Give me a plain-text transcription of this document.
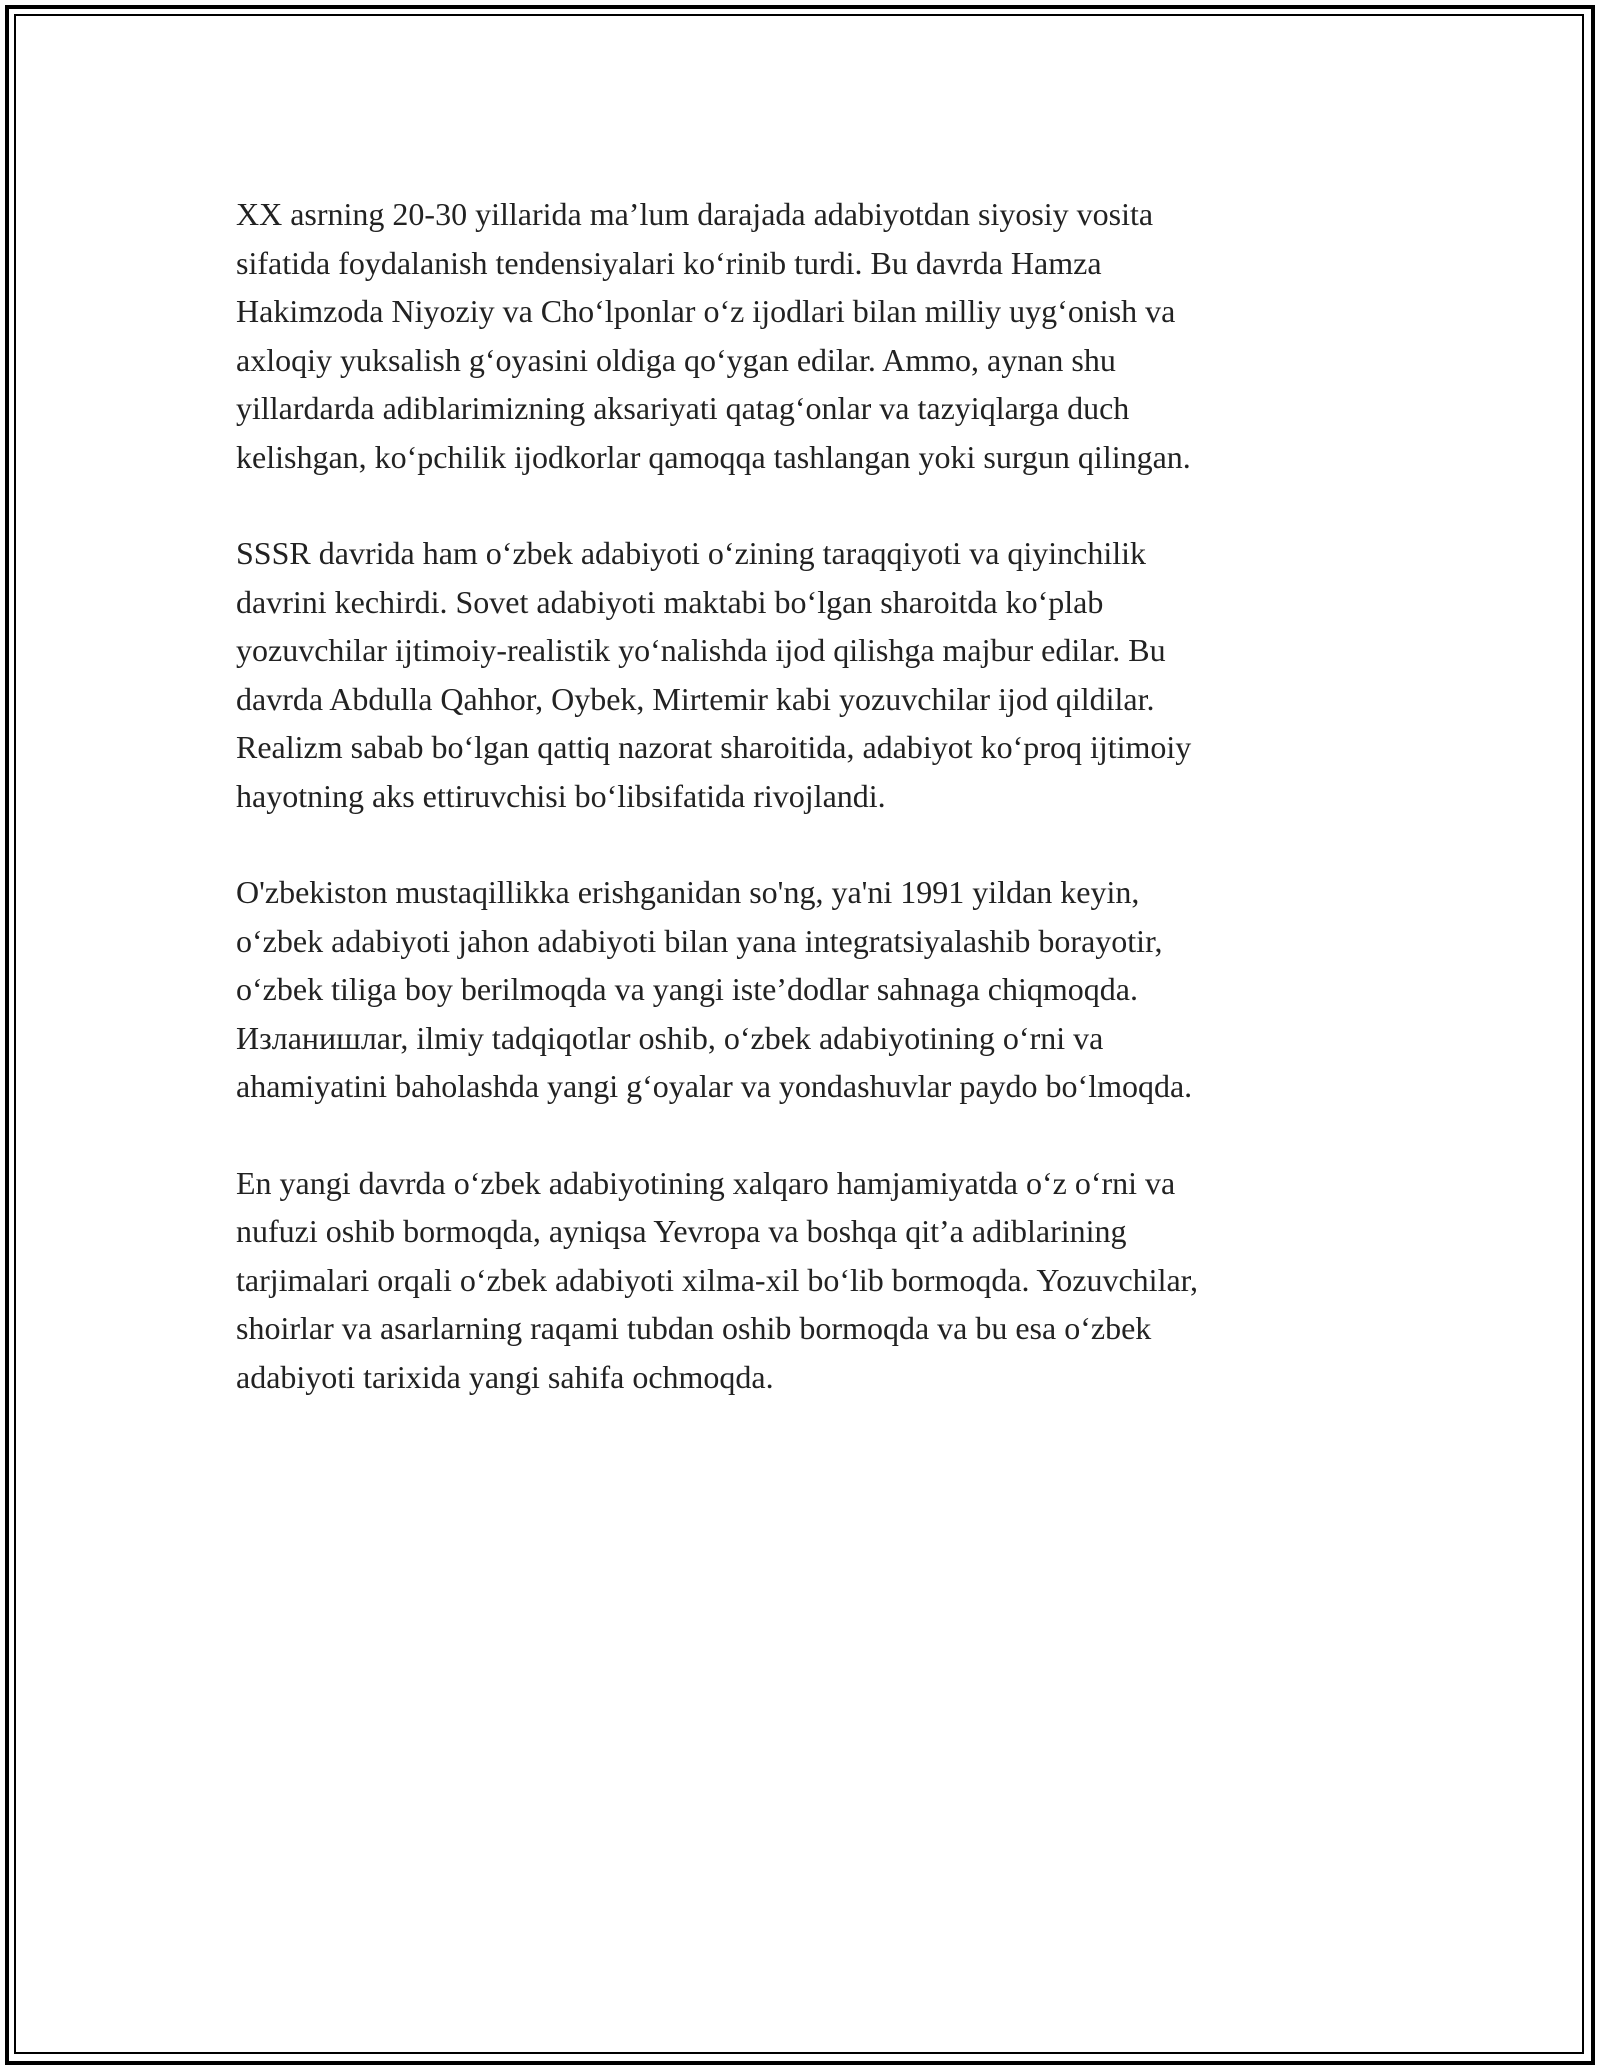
XX asrning 20-30 yillarida ma’lum darajada adabiyotdan siyosiy vosita
sifatida foydalanish tendensiyalari ko‘rinib turdi. Bu davrda Hamza
Hakimzoda Niyoziy va Cho‘lponlar o‘z ijodlari bilan milliy uyg‘onish va
axloqiy yuksalish g‘oyasini oldiga qo‘ygan edilar. Ammo, aynan shu
yillardarda adiblarimizning aksariyati qatag‘onlar va tazyiqlarga duch
kelishgan, ko‘pchilik ijodkorlar qamoqqa tashlangan yoki surgun qilingan.

SSSR davrida ham o‘zbek adabiyoti o‘zining taraqqiyoti va qiyinchilik
davrini kechirdi. Sovet adabiyoti maktabi bo‘lgan sharoitda ko‘plab
yozuvchilar ijtimoiy-realistik yo‘nalishda ijod qilishga majbur edilar. Bu
davrda Abdulla Qahhor, Oybek, Mirtemir kabi yozuvchilar ijod qildilar.
Realizm sabab bo‘lgan qattiq nazorat sharoitida, adabiyot ko‘proq ijtimoiy
hayotning aks ettiruvchisi bo‘libsifatida rivojlandi.

O'zbekiston mustaqillikka erishganidan so'ng, ya'ni 1991 yildan keyin,
o‘zbek adabiyoti jahon adabiyoti bilan yana integratsiyalashib borayotir,
o‘zbek tiliga boy berilmoqda va yangi iste’dodlar sahnaga chiqmoqda.
Изланишлar, ilmiy tadqiqotlar oshib, o‘zbek adabiyotining o‘rni va
ahamiyatini baholashda yangi g‘oyalar va yondashuvlar paydo bo‘lmoqda.

En yangi davrda o‘zbek adabiyotining xalqaro hamjamiyatda o‘z o‘rni va
nufuzi oshib bormoqda, ayniqsa Yevropa va boshqa qit’a adiblarining
tarjimalari orqali o‘zbek adabiyoti xilma-xil bo‘lib bormoqda. Yozuvchilar,
shoirlar va asarlarning raqami tubdan oshib bormoqda va bu esa o‘zbek
adabiyoti tarixida yangi sahifa ochmoqda.
